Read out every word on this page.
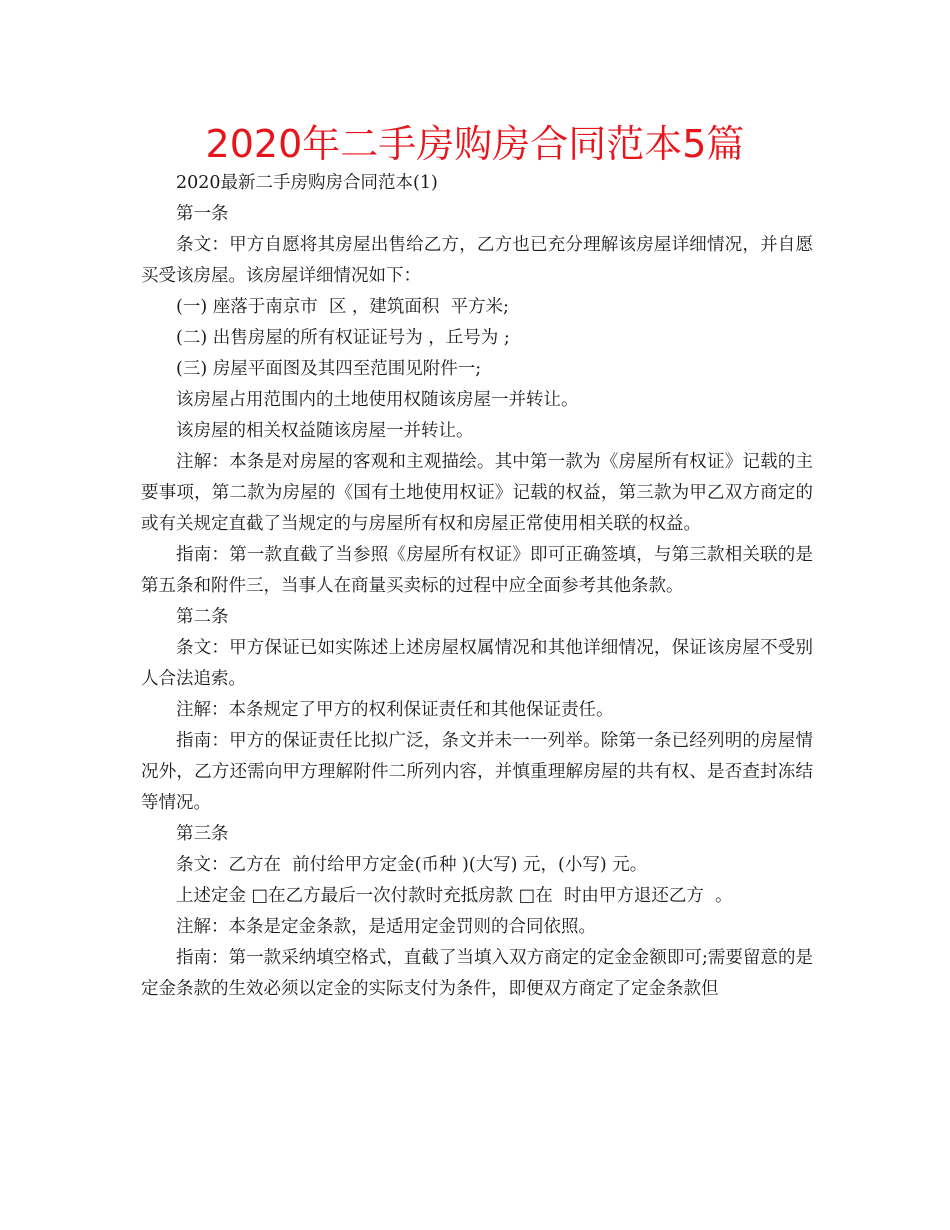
2020年二手房购房合同范本5篇

2020最新二手房购房合同范本(1)

第一条

条文：甲方自愿将其房屋出售给乙方，乙方也已充分理解该房屋详细情况，并自愿买受该房屋。该房屋详细情况如下：

(一) 座落于南京市  区 ，建筑面积  平方米;

(二) 出售房屋的所有权证证号为 ，丘号为 ;

(三) 房屋平面图及其四至范围见附件一;

该房屋占用范围内的土地使用权随该房屋一并转让。

该房屋的相关权益随该房屋一并转让。

注解：本条是对房屋的客观和主观描绘。其中第一款为《房屋所有权证》记载的主要事项，第二款为房屋的《国有土地使用权证》记载的权益，第三款为甲乙双方商定的或有关规定直截了当规定的与房屋所有权和房屋正常使用相关联的权益。

指南：第一款直截了当参照《房屋所有权证》即可正确签填，与第三款相关联的是第五条和附件三，当事人在商量买卖标的过程中应全面参考其他条款。

第二条

条文：甲方保证已如实陈述上述房屋权属情况和其他详细情况，保证该房屋不受别人合法追索。

注解：本条规定了甲方的权利保证责任和其他保证责任。

指南：甲方的保证责任比拟广泛，条文并未一一列举。除第一条已经列明的房屋情况外，乙方还需向甲方理解附件二所列内容，并慎重理解房屋的共有权、是否查封冻结等情况。

第三条

条文：乙方在  前付给甲方定金(币种 )(大写) 元，(小写) 元。

上述定金 □在乙方最后一次付款时充抵房款 □在  时由甲方退还乙方  。

注解：本条是定金条款，是适用定金罚则的合同依照。

指南：第一款采纳填空格式，直截了当填入双方商定的定金金额即可;需要留意的是定金条款的生效必须以定金的实际支付为条件，即便双方商定了定金条款但
